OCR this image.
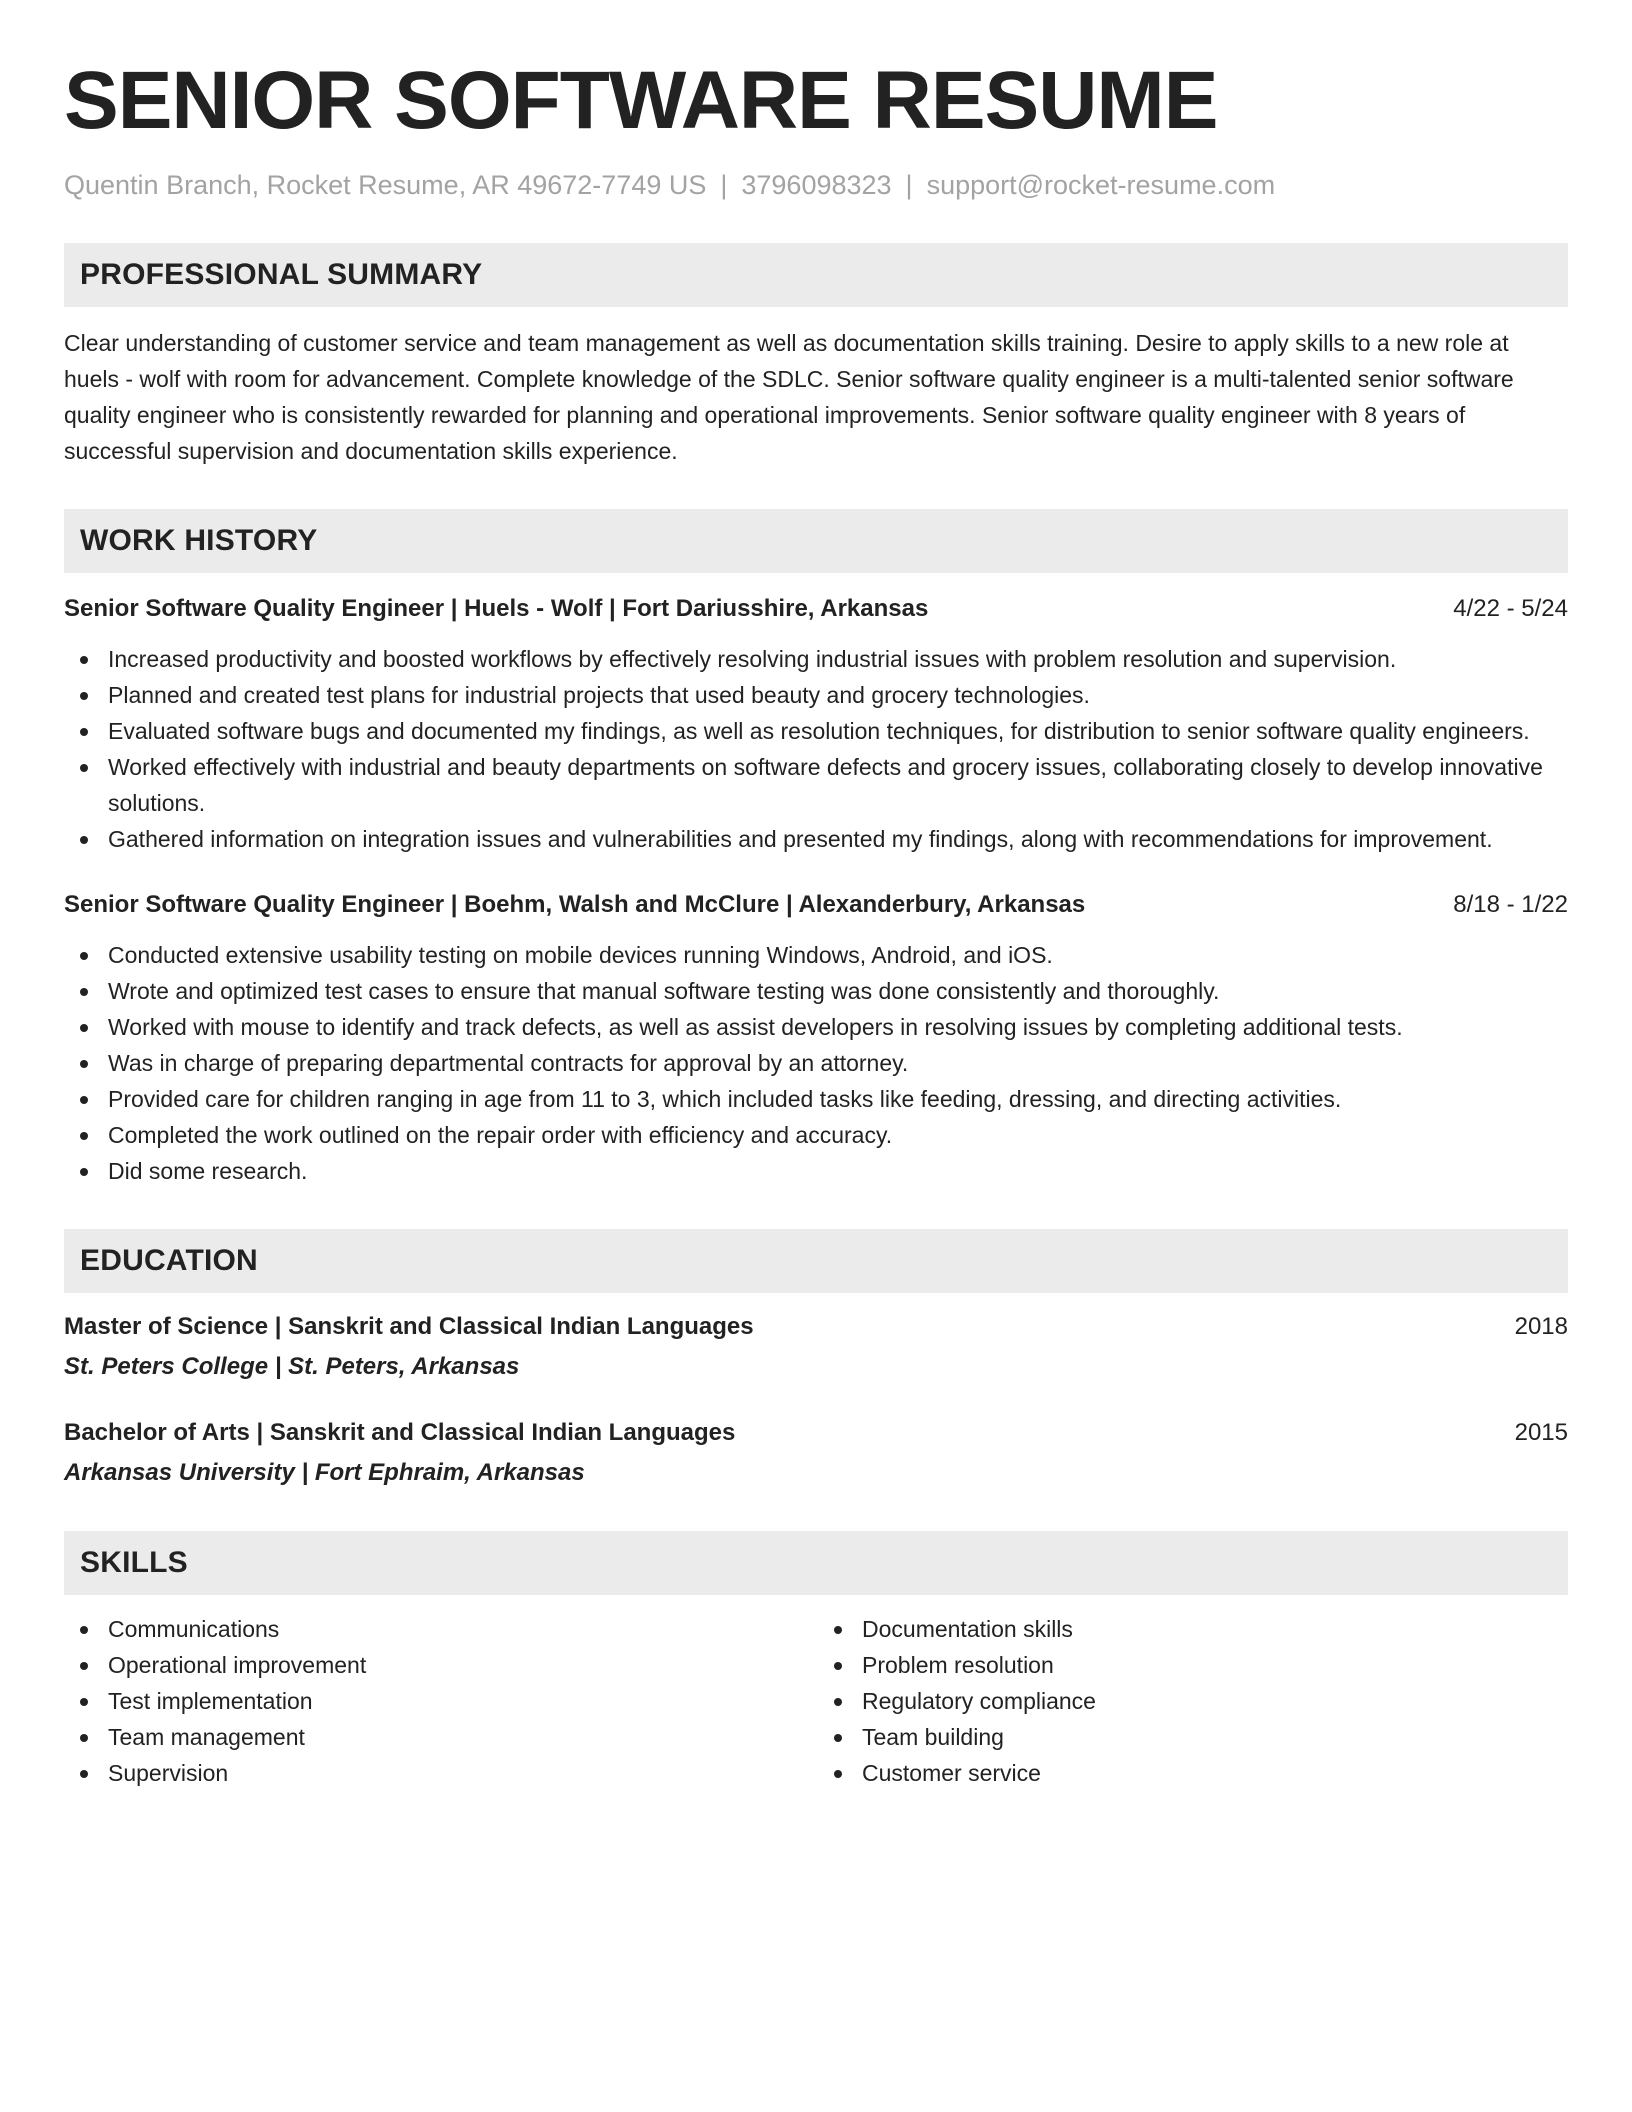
SENIOR SOFTWARE RESUME
Quentin Branch, Rocket Resume, AR 49672-7749 US | 3796098323 | support@rocket-resume.com
PROFESSIONAL SUMMARY
Clear understanding of customer service and team management as well as documentation skills training. Desire to apply skills to a new role at huels - wolf with room for advancement. Complete knowledge of the SDLC. Senior software quality engineer is a multi-talented senior software quality engineer who is consistently rewarded for planning and operational improvements. Senior software quality engineer with 8 years of successful supervision and documentation skills experience.
WORK HISTORY
Senior Software Quality Engineer | Huels - Wolf | Fort Dariusshire, Arkansas	4/22 - 5/24
Increased productivity and boosted workflows by effectively resolving industrial issues with problem resolution and supervision.
Planned and created test plans for industrial projects that used beauty and grocery technologies.
Evaluated software bugs and documented my findings, as well as resolution techniques, for distribution to senior software quality engineers.
Worked effectively with industrial and beauty departments on software defects and grocery issues, collaborating closely to develop innovative solutions.
Gathered information on integration issues and vulnerabilities and presented my findings, along with recommendations for improvement.
Senior Software Quality Engineer | Boehm, Walsh and McClure | Alexanderbury, Arkansas	8/18 - 1/22
Conducted extensive usability testing on mobile devices running Windows, Android, and iOS.
Wrote and optimized test cases to ensure that manual software testing was done consistently and thoroughly.
Worked with mouse to identify and track defects, as well as assist developers in resolving issues by completing additional tests.
Was in charge of preparing departmental contracts for approval by an attorney.
Provided care for children ranging in age from 11 to 3, which included tasks like feeding, dressing, and directing activities.
Completed the work outlined on the repair order with efficiency and accuracy.
Did some research.
EDUCATION
Master of Science | Sanskrit and Classical Indian Languages	2018
St. Peters College | St. Peters, Arkansas
Bachelor of Arts | Sanskrit and Classical Indian Languages	2015
Arkansas University | Fort Ephraim, Arkansas
SKILLS
Communications
Operational improvement
Test implementation
Team management
Supervision
Documentation skills
Problem resolution
Regulatory compliance
Team building
Customer service
